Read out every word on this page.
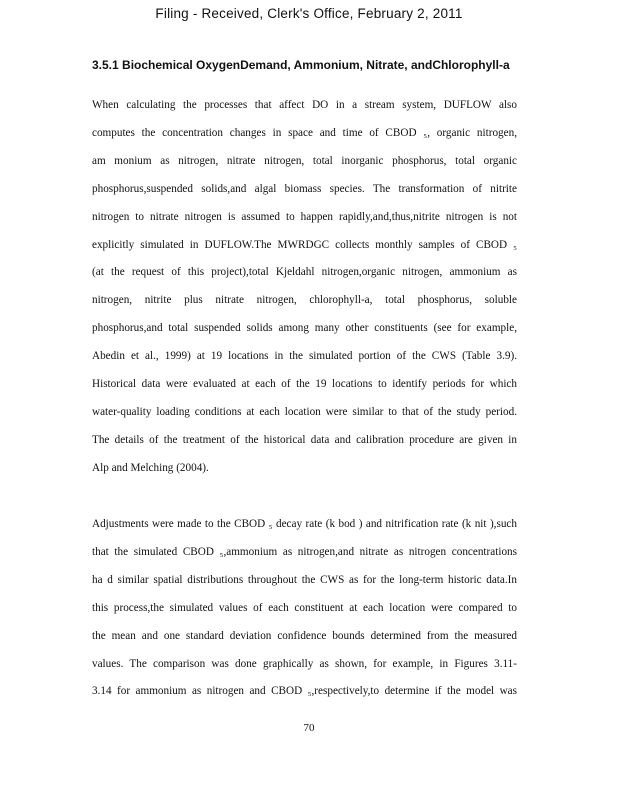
Filing - Received, Clerk's Office, February 2, 2011
3.5.1 Biochemical OxygenDemand, Ammonium, Nitrate, andChlorophyll-a
When calculating the processes that affect DO in a stream system, DUFLOW also
computes the concentration changes in space and time of CBOD ₅, organic nitrogen,
am monium as nitrogen, nitrate nitrogen, total inorganic phosphorus, total organic
phosphorus,suspended solids,and algal biomass species. The transformation of nitrite
nitrogen to nitrate nitrogen is assumed to happen rapidly,and,thus,nitrite nitrogen is not
explicitly simulated in DUFLOW.The MWRDGC collects monthly samples of CBOD ₅
(at the request of this project),total Kjeldahl nitrogen,organic nitrogen, ammonium as
nitrogen, nitrite plus nitrate nitrogen, chlorophyll-a, total phosphorus, soluble
phosphorus,and total suspended solids among many other constituents (see for example,
Abedin et al., 1999) at 19 locations in the simulated portion of the CWS (Table 3.9).
Historical data were evaluated at each of the 19 locations to identify periods for which
water-quality loading conditions at each location were similar to that of the study period.
The details of the treatment of the historical data and calibration procedure are given in
Alp and Melching (2004).
Adjustments were made to the CBOD ₅ decay rate (k bod ) and nitrification rate (k nit ),such
that the simulated CBOD ₅,ammonium as nitrogen,and nitrate as nitrogen concentrations
ha d similar spatial distributions throughout the CWS as for the long-term historic data.In
this process,the simulated values of each constituent at each location were compared to
the mean and one standard deviation confidence bounds determined from the measured
values. The comparison was done graphically as shown, for example, in Figures 3.11-
3.14 for ammonium as nitrogen and CBOD ₅,respectively,to determine if the model was
70
